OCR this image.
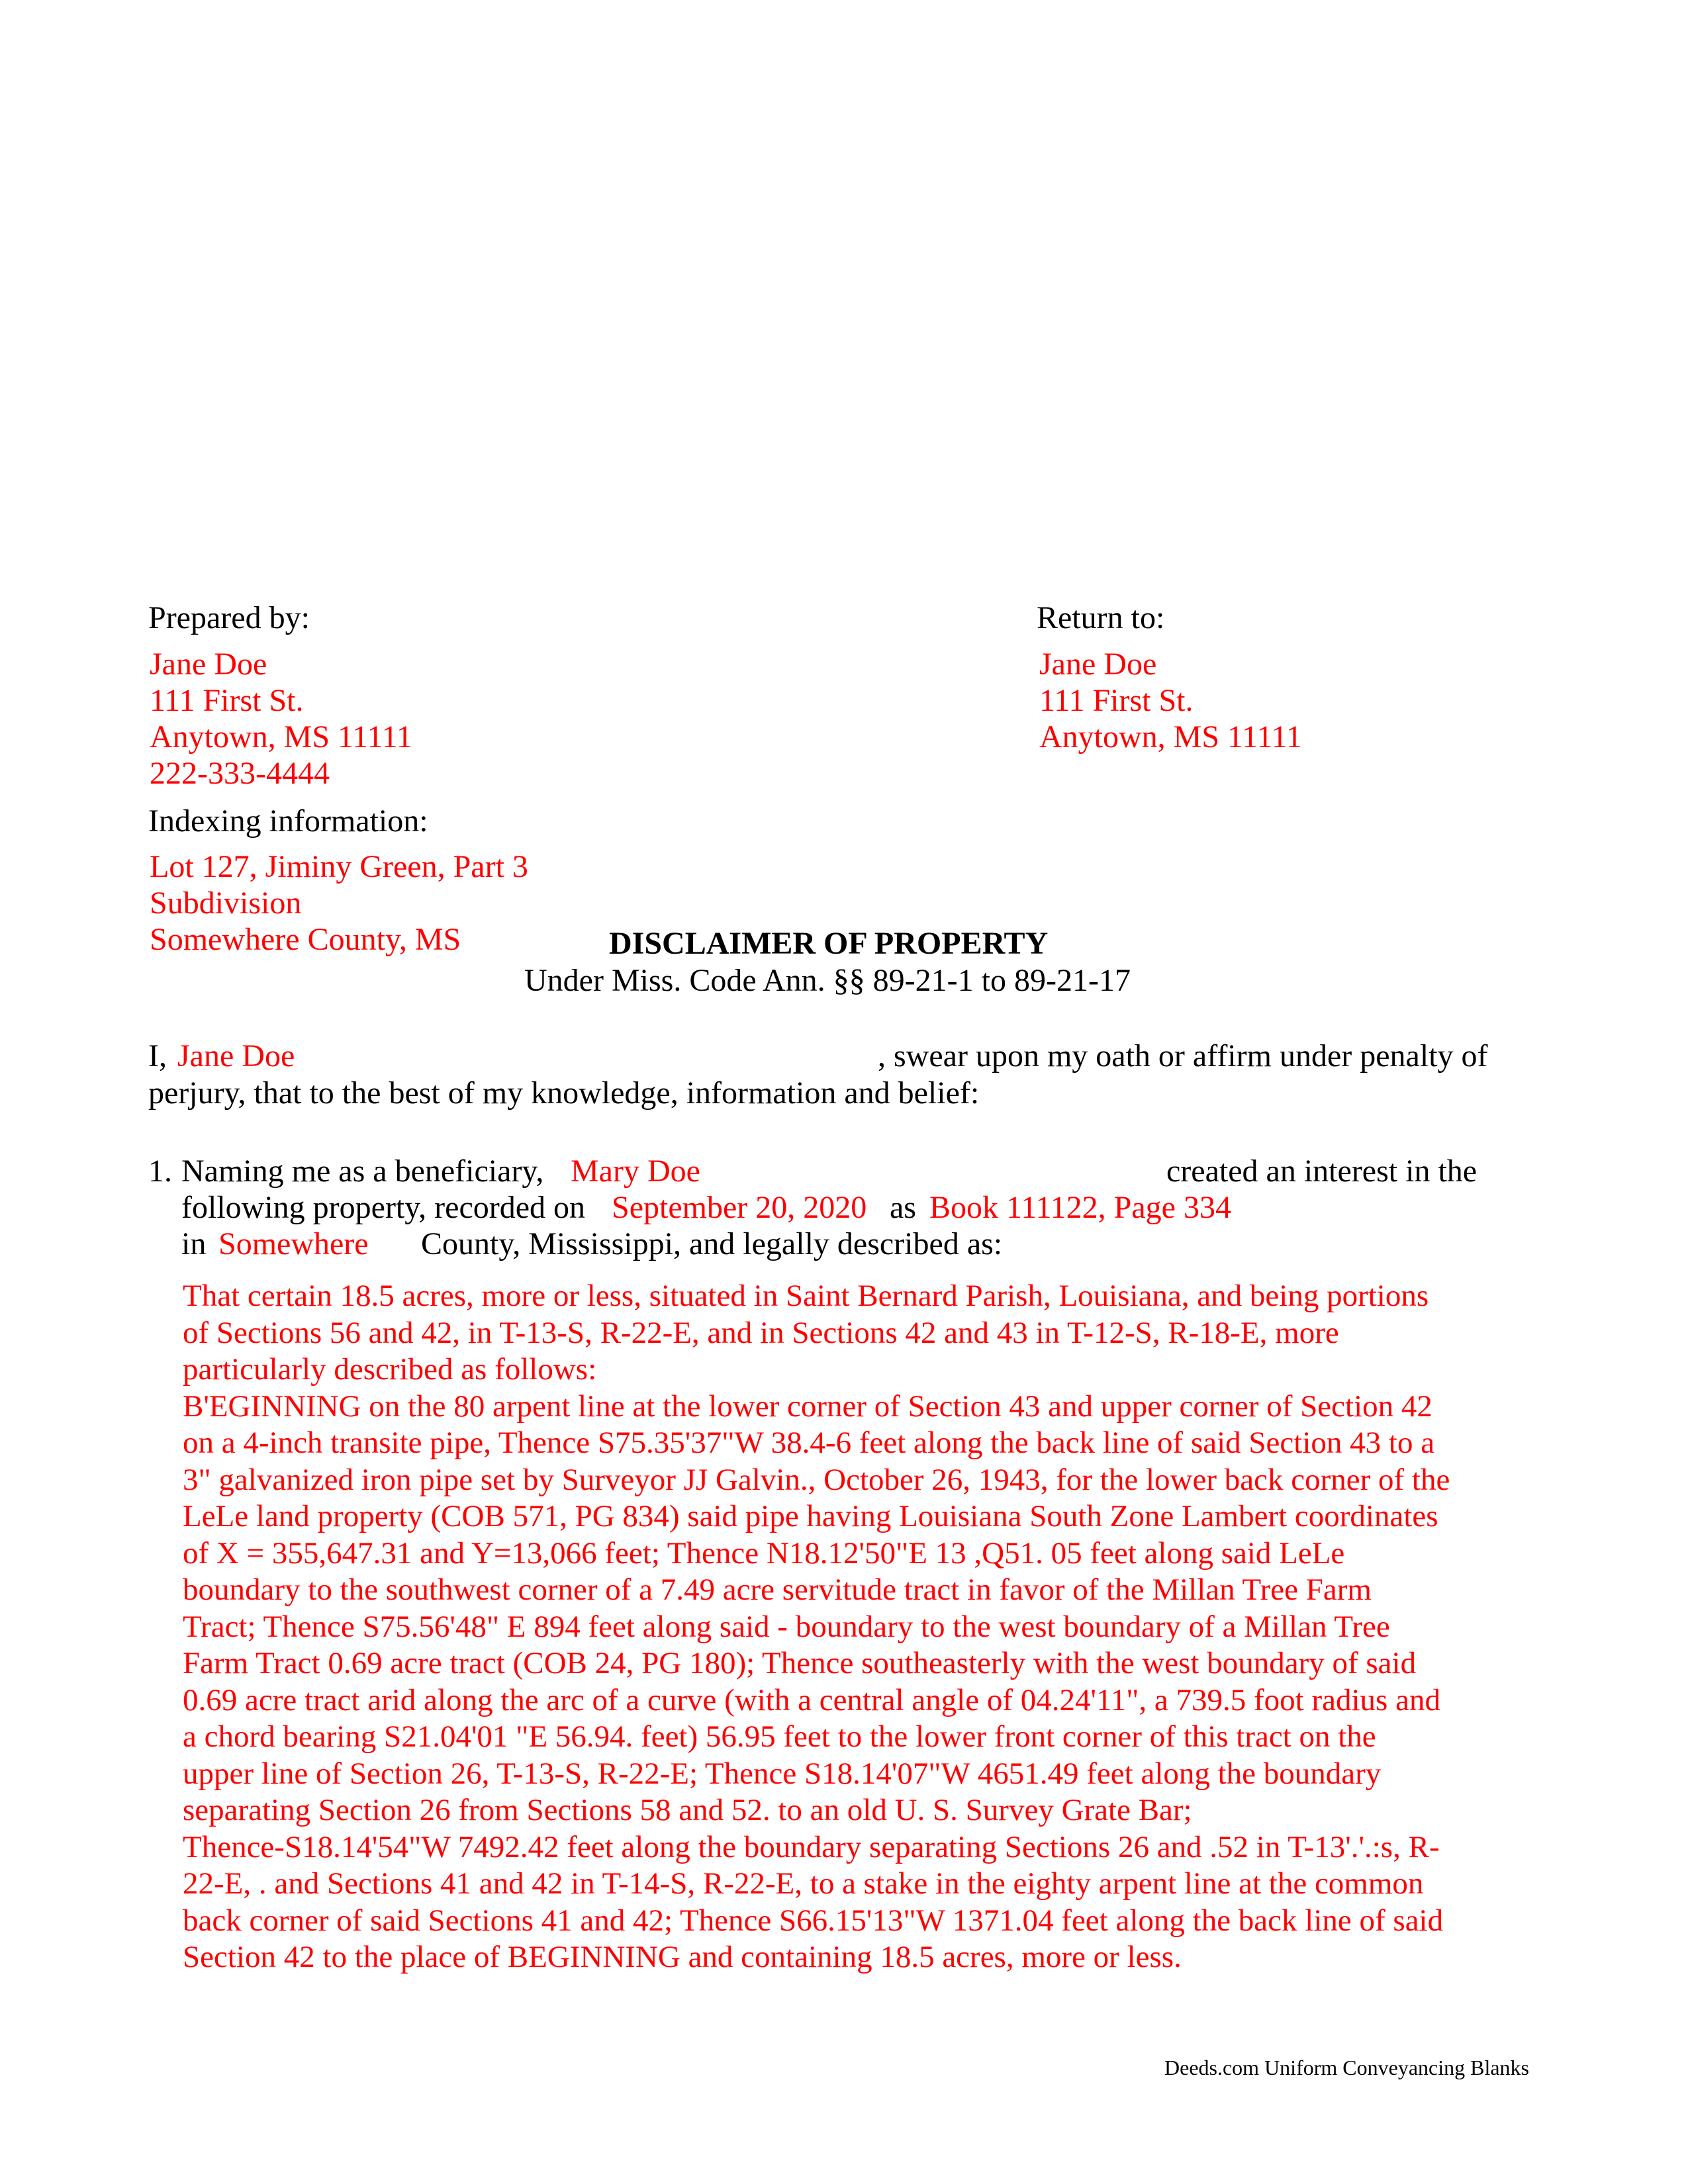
Prepared by:
Jane Doe
111 First St.
Anytown, MS 11111
222-333-4444
Return to:
Jane Doe
111 First St.
Anytown, MS 11111
Indexing information:
Lot 127, Jiminy Green, Part 3
Subdivision
Somewhere County, MS	DISCLAIMER OF PROPERTY
Under Miss. Code Ann. §§ 89-21-1 to 89-21-17
I, Jane Doe	, swear upon my oath or affirm under penalty of
perjury, that to the best of my knowledge, information and belief:
1. Naming me as a beneficiary, Mary Doe	created an interest in the
following property, recorded on September 20, 2020 as Book 111122, Page 334
in Somewhere County, Mississippi, and legally described as:
That certain 18.5 acres, more or less, situated in Saint Bernard Parish, Louisiana, and being portions
of Sections 56 and 42, in T-13-S, R-22-E, and in Sections 42 and 43 in T-12-S, R-18-E, more
particularly described as follows:
B'EGINNING on the 80 arpent line at the lower corner of Section 43 and upper corner of Section 42
on a 4-inch transite pipe, Thence S75.35'37"W 38.4-6 feet along the back line of said Section 43 to a
3" galvanized iron pipe set by Surveyor JJ Galvin., October 26, 1943, for the lower back corner of the
LeLe land property (COB 571, PG 834) said pipe having Louisiana South Zone Lambert coordinates
of X = 355,647.31 and Y=13,066 feet; Thence N18.12'50"E 13 ,Q51. 05 feet along said LeLe
boundary to the southwest corner of a 7.49 acre servitude tract in favor of the Millan Tree Farm
Tract; Thence S75.56'48" E 894 feet along said - boundary to the west boundary of a Millan Tree
Farm Tract 0.69 acre tract (COB 24, PG 180); Thence southeasterly with the west boundary of said
0.69 acre tract arid along the arc of a curve (with a central angle of 04.24'11", a 739.5 foot radius and
a chord bearing S21.04'01 "E 56.94. feet) 56.95 feet to the lower front corner of this tract on the
upper line of Section 26, T-13-S, R-22-E; Thence S18.14'07"W 4651.49 feet along the boundary
separating Section 26 from Sections 58 and 52. to an old U. S. Survey Grate Bar;
Thence-S18.14'54"W 7492.42 feet along the boundary separating Sections 26 and .52 in T-13'.'.:s, R-
22-E, . and Sections 41 and 42 in T-14-S, R-22-E, to a stake in the eighty arpent line at the common
back corner of said Sections 41 and 42; Thence S66.15'13"W 1371.04 feet along the back line of said
Section 42 to the place of BEGINNING and containing 18.5 acres, more or less.
Deeds.com Uniform Conveyancing Blanks
